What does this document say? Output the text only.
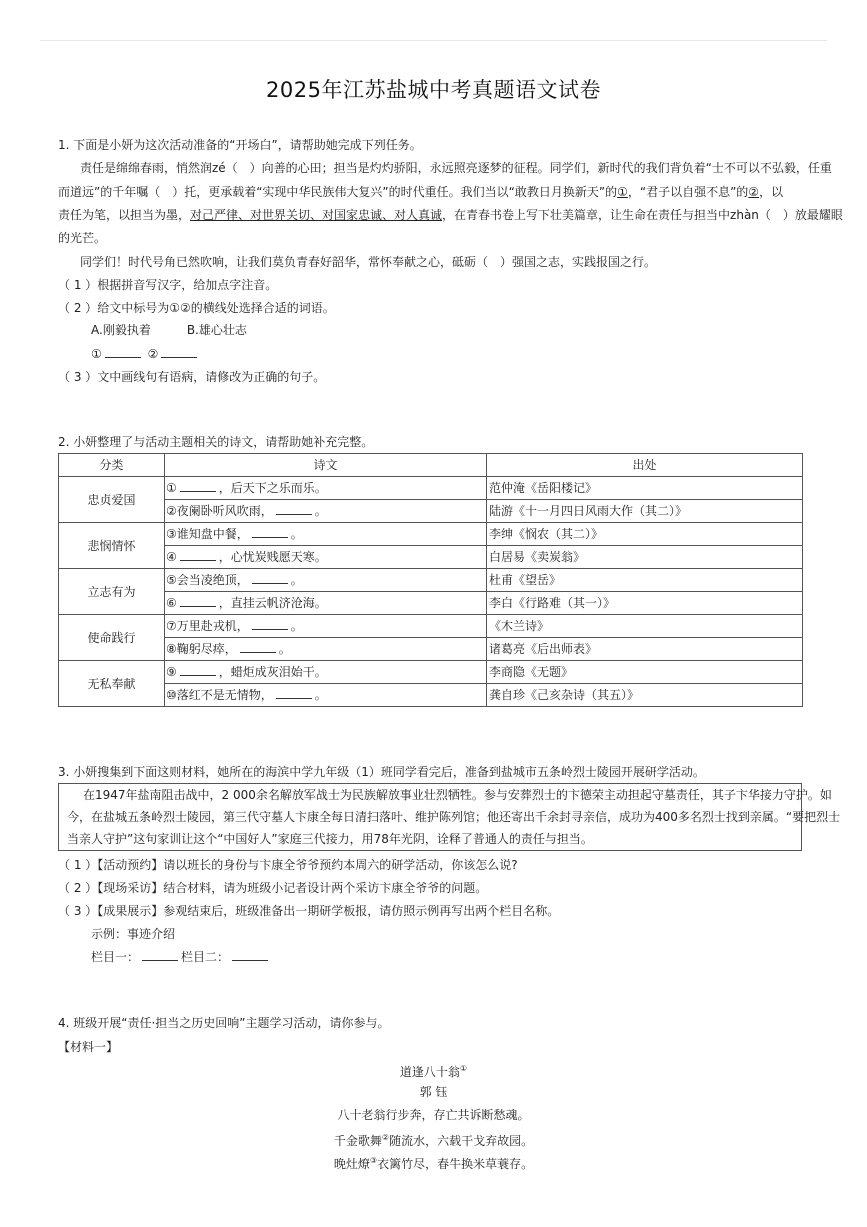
2025年江苏盐城中考真题语文试卷
1. 下面是小妍为这次活动准备的“开场白”，请帮助她完成下列任务。
责任是绵绵春雨，悄然润zé（　）向善的心田；担当是灼灼骄阳，永远照亮逐梦的征程。同学们，新时代的我们背负着“士不可以不弘毅，任重
而道远”的千年嘱（　）托，更承载着“实现中华民族伟大复兴”的时代重任。我们当以“敢教日月换新天”的①，“君子以自强不息”的②，以
责任为笔，以担当为墨，对己严律、对世界关切、对国家忠诚、对人真诚，在青春书卷上写下壮美篇章，让生命在责任与担当中zhàn（　）放最耀眼
的光芒。
同学们！时代号角已然吹响，让我们莫负青春好韶华，常怀奉献之心，砥砺（　）强国之志，实践报国之行。
（ 1 ）根据拼音写汉字，给加点字注音。
（ 2 ）给文中标号为①②的横线处选择合适的词语。
A.刚毅执着　　　B.雄心壮志
①	②
（ 3 ）文中画线句有语病，请修改为正确的句子。
2. 小妍整理了与活动主题相关的诗文，请帮助她补充完整。
分类	诗文	出处
忠贞爱国	① ，后天下之乐而乐。	范仲淹《岳阳楼记》
	②夜阑卧听风吹雨， 。	陆游《十一月四日风雨大作（其二）》
悲悯情怀	③谁知盘中餐， 。	李绅《悯农（其二）》
	④ ，心忧炭贱愿天寒。	白居易《卖炭翁》
立志有为	⑤会当凌绝顶， 。	杜甫《望岳》
	⑥ ，直挂云帆济沧海。	李白《行路难（其一）》
使命践行	⑦万里赴戎机， 。	《木兰诗》
	⑧鞠躬尽瘁， 。	诸葛亮《后出师表》
无私奉献	⑨ ，蜡炬成灰泪始干。	李商隐《无题》
	⑩落红不是无情物， 。	龚自珍《己亥杂诗（其五）》
3. 小妍搜集到下面这则材料，她所在的海滨中学九年级（1）班同学看完后，准备到盐城市五条岭烈士陵园开展研学活动。
在1947年盐南阻击战中，2 000余名解放军战士为民族解放事业壮烈牺牲。参与安葬烈士的卞德荣主动担起守墓责任，其子卞华接力守护。如
今，在盐城五条岭烈士陵园，第三代守墓人卞康全每日清扫落叶、维护陈列馆；他还寄出千余封寻亲信，成功为400多名烈士找到亲属。“要把烈士
当亲人守护”这句家训让这个“中国好人”家庭三代接力，用78年光阴，诠释了普通人的责任与担当。
（ 1 ）【活动预约】请以班长的身份与卞康全爷爷预约本周六的研学活动，你该怎么说?
（ 2 ）【现场采访】结合材料，请为班级小记者设计两个采访卞康全爷爷的问题。
（ 3 ）【成果展示】参观结束后，班级准备出一期研学板报，请仿照示例再写出两个栏目名称。
示例：事迹介绍
栏目一：	栏目二：
4. 班级开展“责任·担当之历史回响”主题学习活动，请你参与。
【材料一】
道逢八十翁①
郭 钰
八十老翁行步奔，存亡共诉断愁魂。
千金歌舞②随流水，六载干戈弃故园。
晚灶燎③衣篱竹尽，春牛换米草蓑存。
